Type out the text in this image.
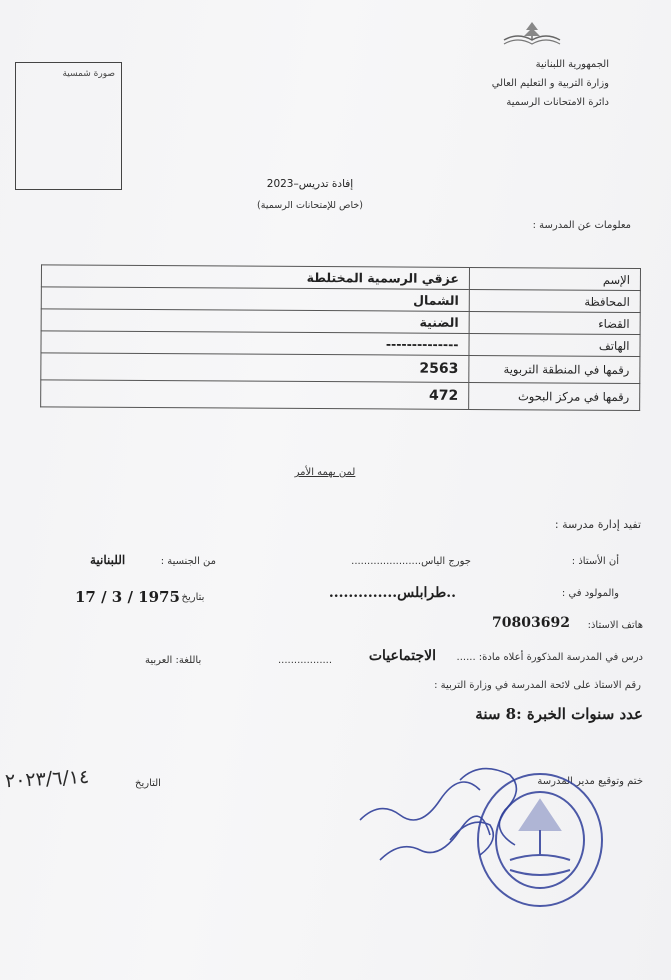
الجمهورية اللبنانية
وزارة التربية و التعليم العالي
دائرة الامتحانات الرسمية
صورة شمسية
إفادة تدريس–2023
(خاص للإمتحانات الرسمية)
معلومات عن المدرسة :
الإسم	عزقي الرسمية المختلطة
المحافظة	الشمال
القضاء	الضنية
الهاتف	--------------
رقمها في المنطقة التربوية	2563
رقمها في مركز البحوث	472
لمن يهمه الأمر
تفيد إدارة مدرسة :
أن الأستاذ :
جورج الياس......................
من الجنسية :
اللبنانية
والمولود في :
..طرابلس..............
بتاريخ :
17 / 3 / 1975
هاتف الاستاذ:
70803692
درس في المدرسة المذكورة أعلاه مادة: ......
الاجتماعيات
.................
باللغة: العربية
رقم الاستاذ على لائحة المدرسة في وزارة التربية :
عدد سنوات الخبرة :8 سنة
٢٠٢٣/٦/١٤	التاريخ	ختم وتوقيع مدير المدرسة
